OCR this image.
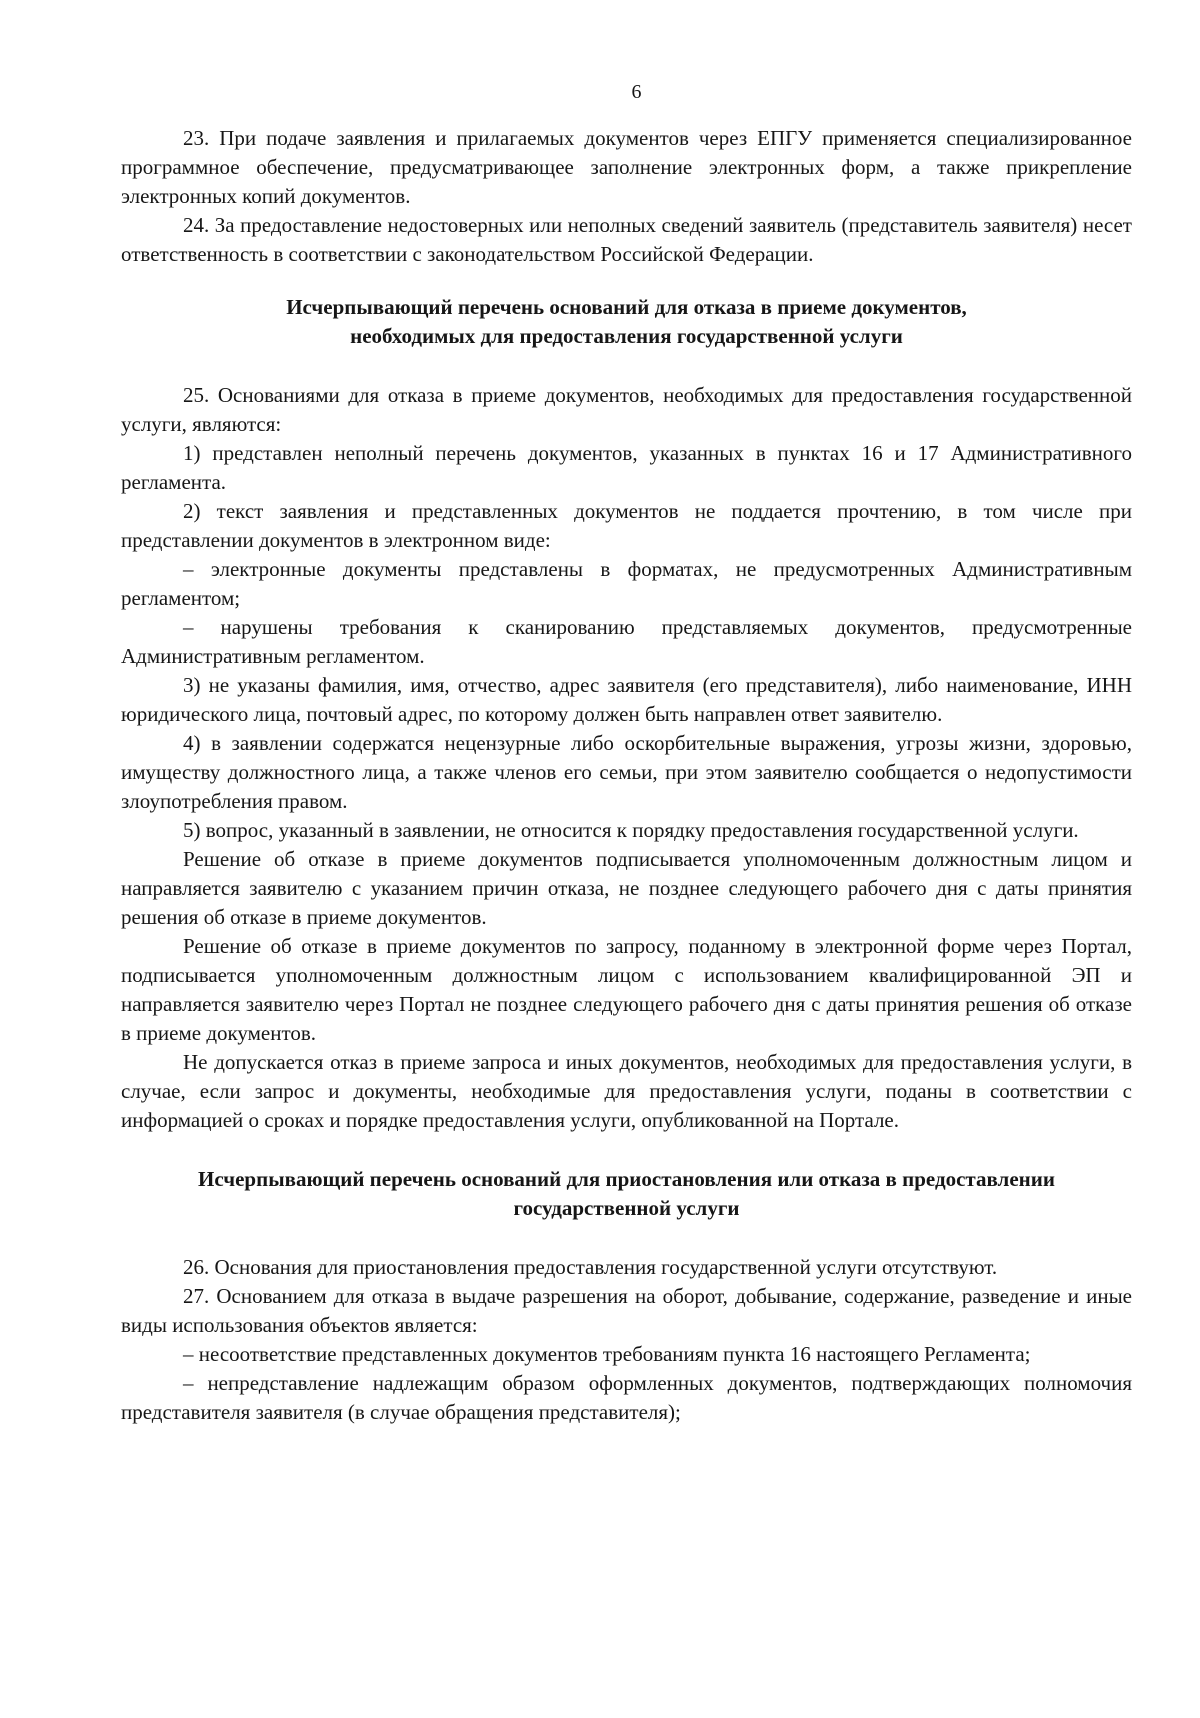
6

23. При подаче заявления и прилагаемых документов через ЕПГУ применяется специализированное программное обеспечение, предусматривающее заполнение электронных форм, а также прикрепление электронных копий документов.

24. За предоставление недостоверных или неполных сведений заявитель (представитель заявителя) несет ответственность в соответствии с законодательством Российской Федерации.

Исчерпывающий перечень оснований для отказа в приеме документов,
необходимых для предоставления государственной услуги

25. Основаниями для отказа в приеме документов, необходимых для предоставления государственной услуги, являются:

1) представлен неполный перечень документов, указанных в пунктах 16 и 17 Административного регламента.

2) текст заявления и представленных документов не поддается прочтению, в том числе при представлении документов в электронном виде:

– электронные документы представлены в форматах, не предусмотренных Административным регламентом;

– нарушены требования к сканированию представляемых документов, предусмотренные Административным регламентом.

3) не указаны фамилия, имя, отчество, адрес заявителя (его представителя), либо наименование, ИНН юридического лица, почтовый адрес, по которому должен быть направлен ответ заявителю.

4) в заявлении содержатся нецензурные либо оскорбительные выражения, угрозы жизни, здоровью, имуществу должностного лица, а также членов его семьи, при этом заявителю сообщается о недопустимости злоупотребления правом.

5) вопрос, указанный в заявлении, не относится к порядку предоставления государственной услуги.

Решение об отказе в приеме документов подписывается уполномоченным должностным лицом и направляется заявителю с указанием причин отказа, не позднее следующего рабочего дня с даты принятия решения об отказе в приеме документов.

Решение об отказе в приеме документов по запросу, поданному в электронной форме через Портал, подписывается уполномоченным должностным лицом с использованием квалифицированной ЭП и направляется заявителю через Портал не позднее следующего рабочего дня с даты принятия решения об отказе в приеме документов.

Не допускается отказ в приеме запроса и иных документов, необходимых для предоставления услуги, в случае, если запрос и документы, необходимые для предоставления услуги, поданы в соответствии с информацией о сроках и порядке предоставления услуги, опубликованной на Портале.

Исчерпывающий перечень оснований для приостановления или отказа в предоставлении
государственной услуги

26. Основания для приостановления предоставления государственной услуги отсутствуют.

27. Основанием для отказа в выдаче разрешения на оборот, добывание, содержание, разведение и иные виды использования объектов является:

– несоответствие представленных документов требованиям пункта 16 настоящего Регламента;

– непредставление надлежащим образом оформленных документов, подтверждающих полномочия представителя заявителя (в случае обращения представителя);
